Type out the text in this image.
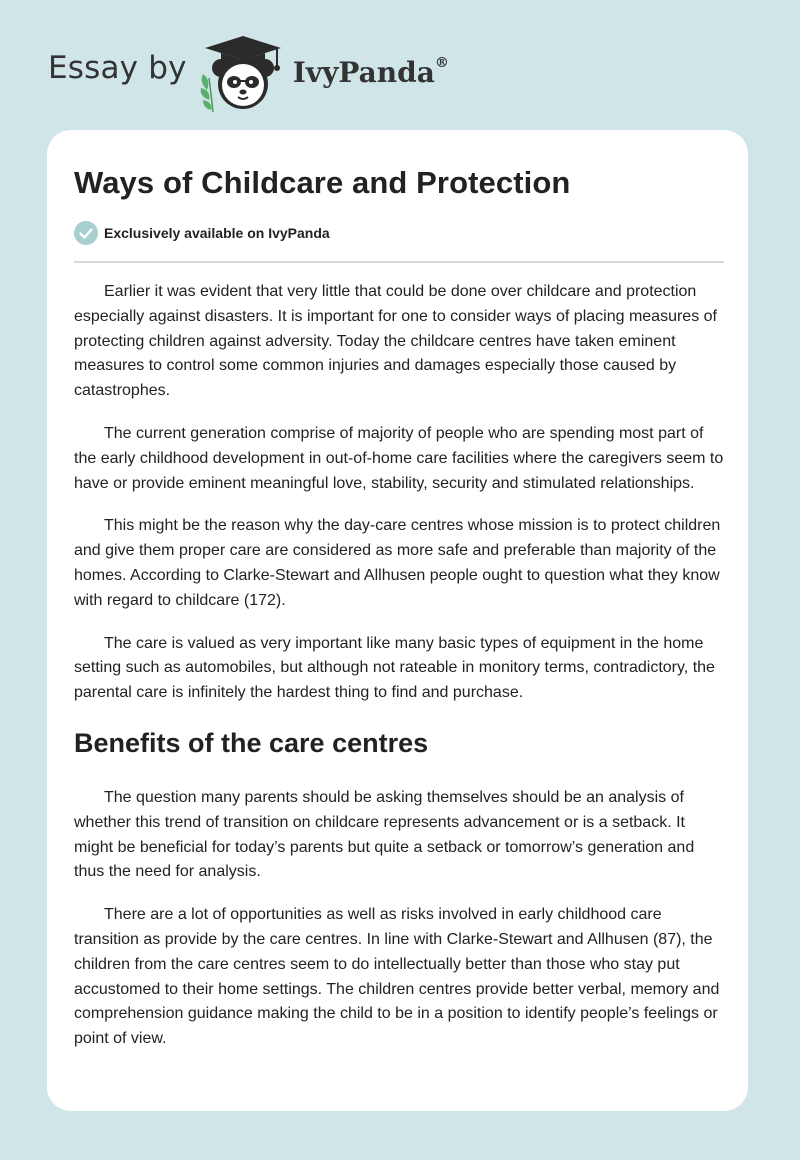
Essay by	IvyPanda®
Ways of Childcare and Protection
Exclusively available on IvyPanda

Earlier it was evident that very little that could be done over childcare and protection especially against disasters. It is important for one to consider ways of placing measures of protecting children against adversity. Today the childcare centres have taken eminent measures to control some common injuries and damages especially those caused by catastrophes.

The current generation comprise of majority of people who are spending most part of the early childhood development in out-of-home care facilities where the caregivers seem to have or provide eminent meaningful love, stability, security and stimulated relationships.

This might be the reason why the day-care centres whose mission is to protect children and give them proper care are considered as more safe and preferable than majority of the homes. According to Clarke-Stewart and Allhusen people ought to question what they know with regard to childcare (172).

The care is valued as very important like many basic types of equipment in the home setting such as automobiles, but although not rateable in monitory terms, contradictory, the parental care is infinitely the hardest thing to find and purchase.

Benefits of the care centres

The question many parents should be asking themselves should be an analysis of whether this trend of transition on childcare represents advancement or is a setback. It might be beneficial for today’s parents but quite a setback or tomorrow’s generation and thus the need for analysis.

There are a lot of opportunities as well as risks involved in early childhood care transition as provide by the care centres. In line with Clarke-Stewart and Allhusen (87), the children from the care centres seem to do intellectually better than those who stay put accustomed to their home settings. The children centres provide better verbal, memory and comprehension guidance making the child to be in a position to identify people’s feelings or point of view.
